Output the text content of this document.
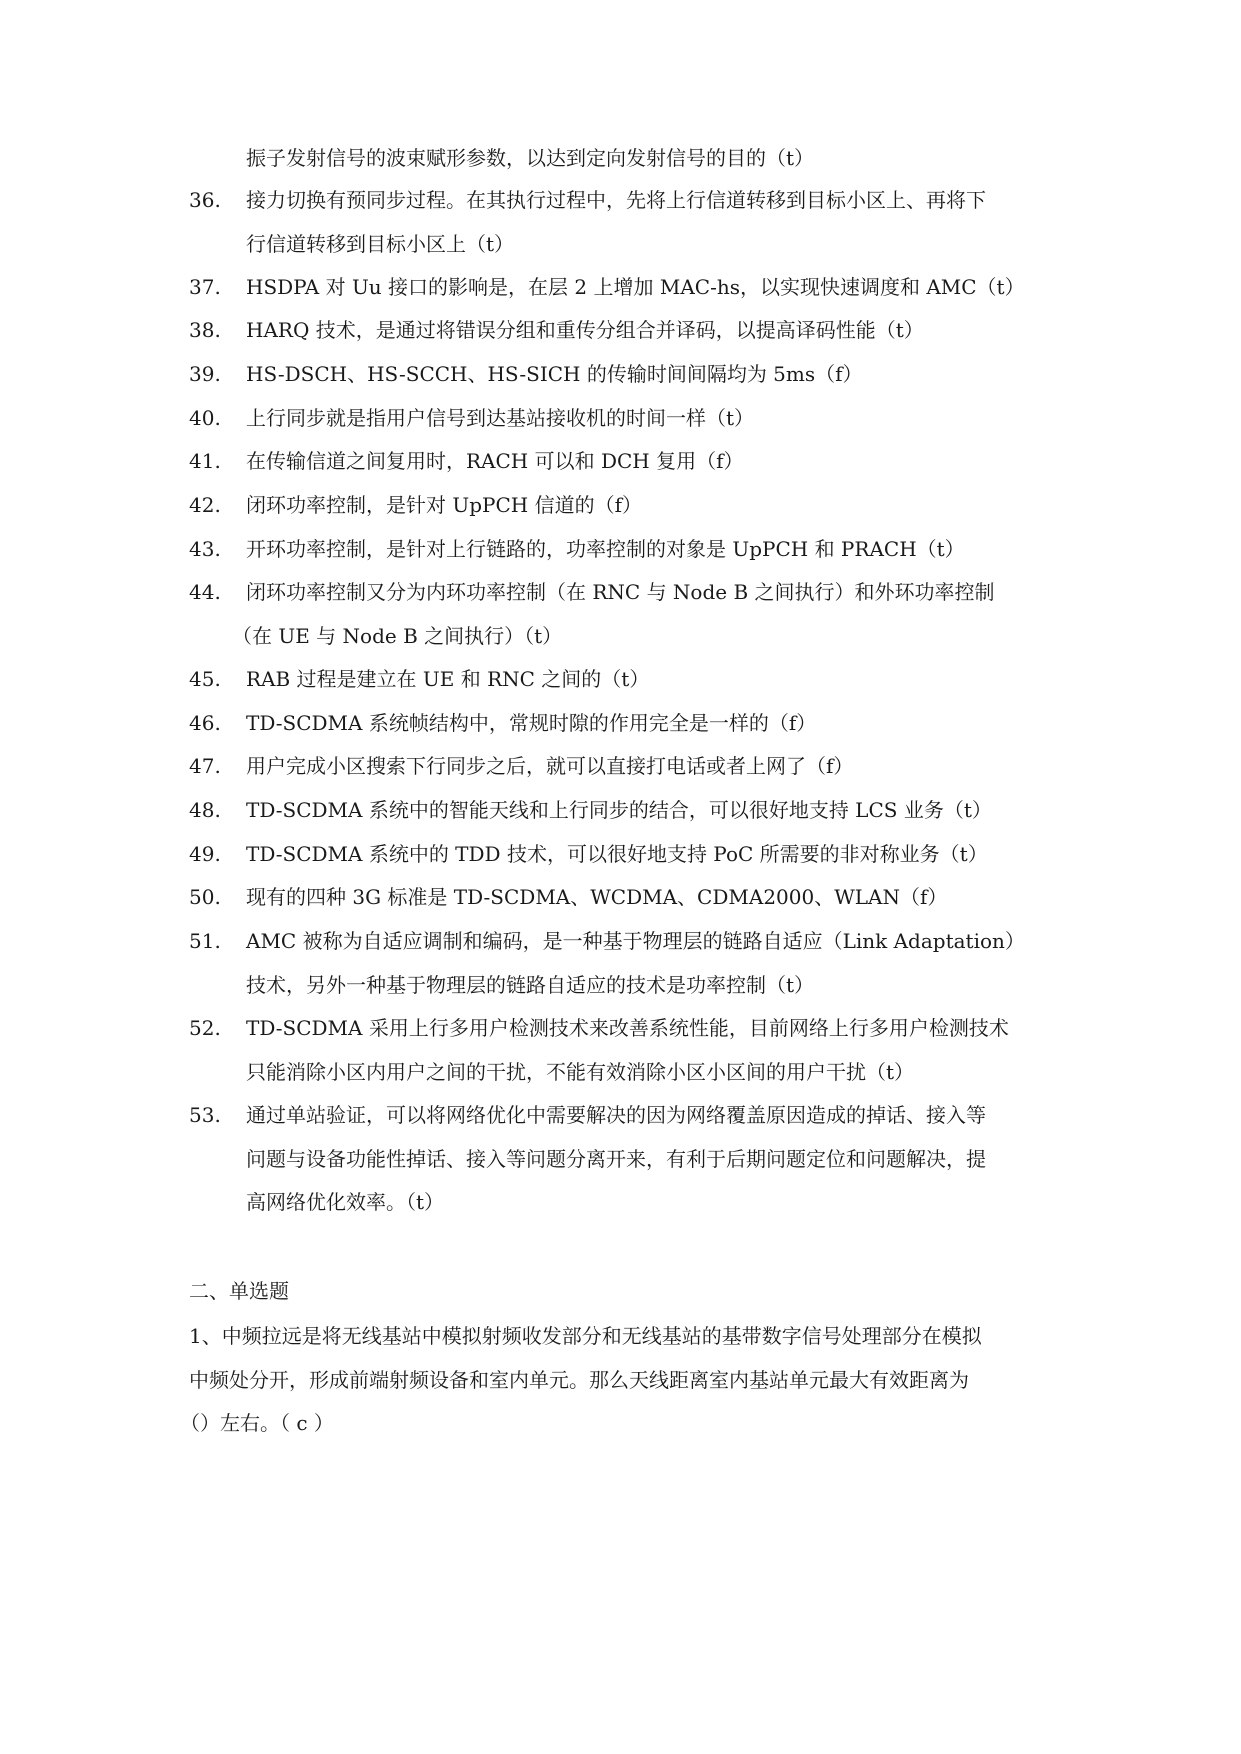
振子发射信号的波束赋形参数，以达到定向发射信号的目的（t）
36. 接力切换有预同步过程。在其执行过程中，先将上行信道转移到目标小区上、再将下
行信道转移到目标小区上（t）
37. HSDPA 对 Uu 接口的影响是，在层 2 上增加 MAC-hs，以实现快速调度和 AMC（t）
38. HARQ 技术，是通过将错误分组和重传分组合并译码，以提高译码性能（t）
39. HS-DSCH、HS-SCCH、HS-SICH 的传输时间间隔均为 5ms（f）
40. 上行同步就是指用户信号到达基站接收机的时间一样（t）
41. 在传输信道之间复用时，RACH 可以和 DCH 复用（f）
42. 闭环功率控制，是针对 UpPCH 信道的（f）
43. 开环功率控制，是针对上行链路的，功率控制的对象是 UpPCH 和 PRACH（t）
44. 闭环功率控制又分为内环功率控制（在 RNC 与 Node B 之间执行）和外环功率控制
（在 UE 与 Node B 之间执行）（t）
45. RAB 过程是建立在 UE 和 RNC 之间的（t）
46. TD-SCDMA 系统帧结构中，常规时隙的作用完全是一样的（f）
47. 用户完成小区搜索下行同步之后，就可以直接打电话或者上网了（f）
48. TD-SCDMA 系统中的智能天线和上行同步的结合，可以很好地支持 LCS 业务（t）
49. TD-SCDMA 系统中的 TDD 技术，可以很好地支持 PoC 所需要的非对称业务（t）
50. 现有的四种 3G 标准是 TD-SCDMA、WCDMA、CDMA2000、WLAN（f）
51. AMC 被称为自适应调制和编码，是一种基于物理层的链路自适应（Link Adaptation）
技术，另外一种基于物理层的链路自适应的技术是功率控制（t）
52. TD-SCDMA 采用上行多用户检测技术来改善系统性能，目前网络上行多用户检测技术
只能消除小区内用户之间的干扰，不能有效消除小区小区间的用户干扰（t）
53. 通过单站验证，可以将网络优化中需要解决的因为网络覆盖原因造成的掉话、接入等
问题与设备功能性掉话、接入等问题分离开来，有利于后期问题定位和问题解决，提
高网络优化效率。（t）
二、单选题
1、中频拉远是将无线基站中模拟射频收发部分和无线基站的基带数字信号处理部分在模拟
中频处分开，形成前端射频设备和室内单元。那么天线距离室内基站单元最大有效距离为
（）左右。（ c ）
